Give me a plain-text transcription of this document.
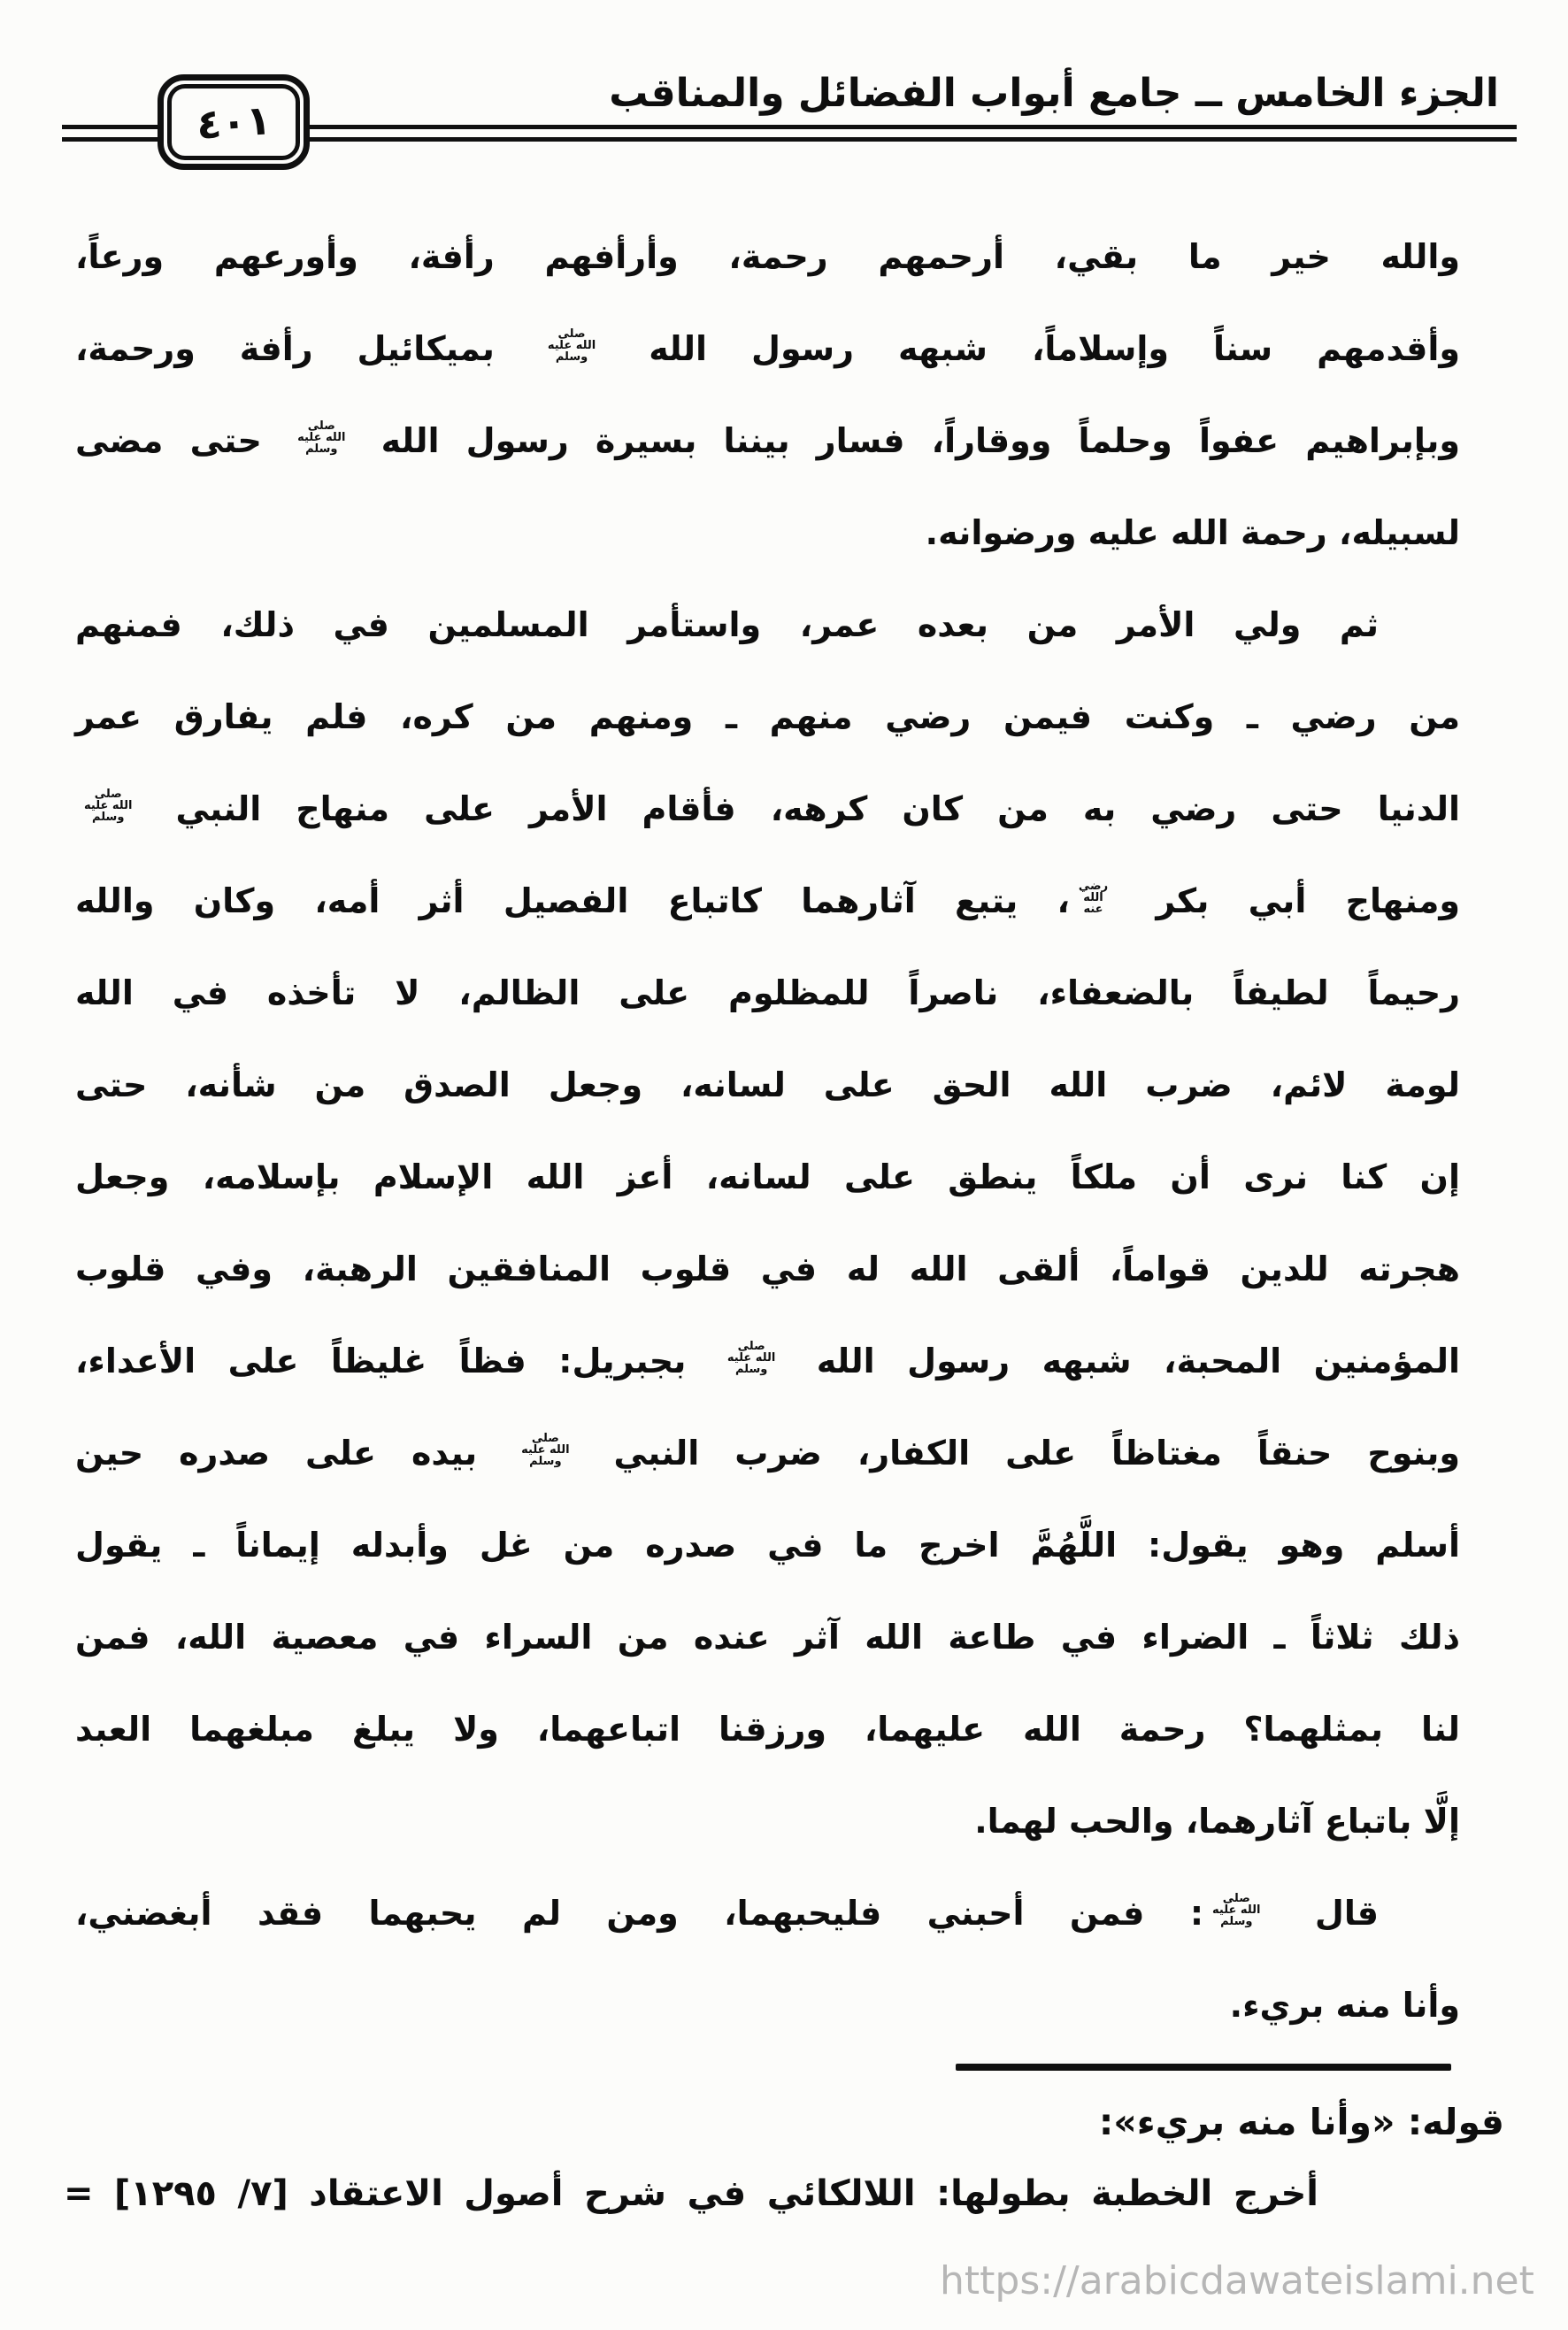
الجزء الخامس ــ جامع أبواب الفضائل والمناقب
٤٠١
والله خير ما بقي، أرحمهم رحمة، وأرأفهم رأفة، وأورعهم ورعاً،
وأقدمهم سناً وإسلاماً، شبهه رسول الله
صلى
الله عليه
وسلم
بميكائيل رأفة ورحمة،
وبإبراهيم عفواً وحلماً ووقاراً، فسار بيننا بسيرة رسول الله
صلى
الله عليه
وسلم
حتى مضى
لسبيله، رحمة الله عليه ورضوانه.
ثم ولي الأمر من بعده عمر، واستأمر المسلمين في ذلك، فمنهم
من رضي ـ وكنت فيمن رضي منهم ـ ومنهم من كره، فلم يفارق عمر
الدنيا حتى رضي به من كان كرهه، فأقام الأمر على منهاج النبي
صلى
الله عليه
وسلم
ومنهاج أبي بكر
رضي
الله
عنه
، يتبع آثارهما كاتباع الفصيل أثر أمه، وكان والله
رحيماً لطيفاً بالضعفاء، ناصراً للمظلوم على الظالم، لا تأخذه في الله
لومة لائم، ضرب الله الحق على لسانه، وجعل الصدق من شأنه، حتى
إن كنا نرى أن ملكاً ينطق على لسانه، أعز الله الإسلام بإسلامه، وجعل
هجرته للدين قواماً، ألقى الله له في قلوب المنافقين الرهبة، وفي قلوب
المؤمنين المحبة، شبهه رسول الله
صلى
الله عليه
وسلم
بجبريل: فظاً غليظاً على الأعداء،
وبنوح حنقاً مغتاظاً على الكفار، ضرب النبي
صلى
الله عليه
وسلم
بيده على صدره حين
أسلم وهو يقول: اللَّهُمَّ اخرج ما في صدره من غل وأبدله إيماناً ـ يقول
ذلك ثلاثاً ـ الضراء في طاعة الله آثر عنده من السراء في معصية الله، فمن
لنا بمثلهما؟ رحمة الله عليهما، ورزقنا اتباعهما، ولا يبلغ مبلغهما العبد
إلَّا باتباع آثارهما، والحب لهما.
قال
صلى
الله عليه
وسلم
: فمن أحبني فليحبهما، ومن لم يحبهما فقد أبغضني،
وأنا منه بريء.
قوله: «وأنا منه بريء»:
أخرج الخطبة بطولها: اللالكائي في شرح أصول الاعتقاد [٧/ ١٢٩٥] =
https://arabicdawateislami.net
